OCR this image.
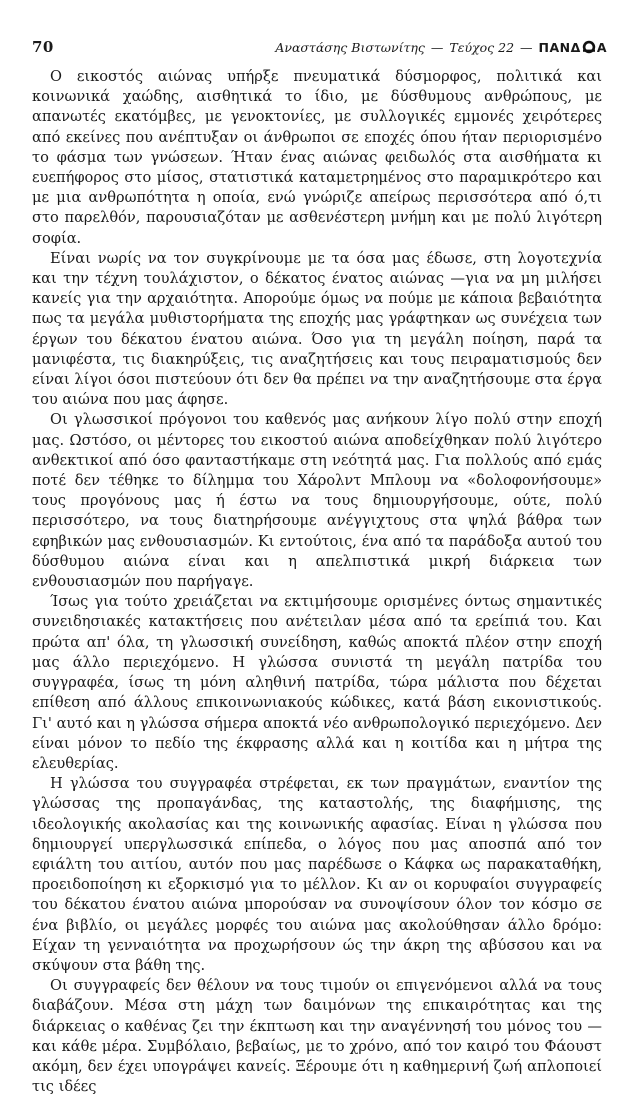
70	Αναστάσης Βιστωνίτης — Τεύχος 22 — ΠΑΝΔ Α

Ο εικοστός αιώνας υπήρξε πνευματικά δύσμορφος, πολιτικά και κοινωνικά χαώδης, αισθητικά το ίδιο, με δύσθυμους ανθρώπους, με απανωτές εκατόμβες, με γενοκτονίες, με συλλογικές εμμονές χειρότερες από εκείνες που ανέπτυξαν οι άνθρωποι σε εποχές όπου ήταν περιορισμένο το φάσμα των γνώσεων. Ήταν ένας αιώνας φειδωλός στα αισθήματα κι ευεπήφορος στο μίσος, στατιστικά καταμετρημένος στο παραμικρότερο και με μια ανθρωπότητα η οποία, ενώ γνώριζε απείρως περισσότερα από ό,τι στο παρελθόν, παρουσιαζόταν με ασθενέστερη μνήμη και με πολύ λιγότερη σοφία.

Είναι νωρίς να τον συγκρίνουμε με τα όσα μας έδωσε, στη λογοτεχνία και την τέχνη τουλάχιστον, ο δέκατος ένατος αιώνας —για να μη μιλήσει κανείς για την αρχαιότητα. Απορούμε όμως να πούμε με κάποια βεβαιότητα πως τα μεγάλα μυθιστορήματα της εποχής μας γράφτηκαν ως συνέχεια των έργων του δέκατου ένατου αιώνα. Όσο για τη μεγάλη ποίηση, παρά τα μανιφέστα, τις διακηρύξεις, τις αναζητήσεις και τους πειραματισμούς δεν είναι λίγοι όσοι πιστεύουν ότι δεν θα πρέπει να την αναζητήσουμε στα έργα του αιώνα που μας άφησε.

Οι γλωσσικοί πρόγονοι του καθενός μας ανήκουν λίγο πολύ στην εποχή μας. Ωστόσο, οι μέντορες του εικοστού αιώνα αποδείχθηκαν πολύ λιγότερο ανθεκτικοί από όσο φανταστήκαμε στη νεότητά μας. Για πολλούς από εμάς ποτέ δεν τέθηκε το δίλημμα του Χάρολντ Μπλουμ να «δολοφονήσουμε» τους προγόνους μας ή έστω να τους δημιουργήσουμε, ούτε, πολύ περισσότερο, να τους διατηρήσουμε ανέγγιχτους στα ψηλά βάθρα των εφηβικών μας ενθουσιασμών. Κι εντούτοις, ένα από τα παράδοξα αυτού του δύσθυμου αιώνα είναι και η απελπιστικά μικρή διάρκεια των ενθουσιασμών που παρήγαγε.

Ίσως για τούτο χρειάζεται να εκτιμήσουμε ορισμένες όντως σημαντικές συνειδησιακές κατακτήσεις που ανέτειλαν μέσα από τα ερείπιά του. Και πρώτα απ' όλα, τη γλωσσική συνείδηση, καθώς αποκτά πλέον στην εποχή μας άλλο περιεχόμενο. Η γλώσσα συνιστά τη μεγάλη πατρίδα του συγγραφέα, ίσως τη μόνη αληθινή πατρίδα, τώρα μάλιστα που δέχεται επίθεση από άλλους επικοινωνιακούς κώδικες, κατά βάση εικονιστικούς. Γι' αυτό και η γλώσσα σήμερα αποκτά νέο ανθρωπολογικό περιεχόμενο. Δεν είναι μόνον το πεδίο της έκφρασης αλλά και η κοιτίδα και η μήτρα της ελευθερίας.

Η γλώσσα του συγγραφέα στρέφεται, εκ των πραγμάτων, εναντίον της γλώσσας της προπαγάνδας, της καταστολής, της διαφήμισης, της ιδεολογικής ακολασίας και της κοινωνικής αφασίας. Είναι η γλώσσα που δημιουργεί υπεργλωσσικά επίπεδα, ο λόγος που μας αποσπά από τον εφιάλτη του αιτίου, αυτόν που μας παρέδωσε ο Κάφκα ως παρακαταθήκη, προειδοποίηση κι εξορκισμό για το μέλλον. Κι αν οι κορυφαίοι συγγραφείς του δέκατου ένατου αιώνα μπορούσαν να συνοψίσουν όλον τον κόσμο σε ένα βιβλίο, οι μεγάλες μορφές του αιώνα μας ακολούθησαν άλλο δρόμο: Είχαν τη γενναιότητα να προχωρήσουν ώς την άκρη της αβύσσου και να σκύψουν στα βάθη της.

Οι συγγραφείς δεν θέλουν να τους τιμούν οι επιγενόμενοι αλλά να τους διαβάζουν. Μέσα στη μάχη των δαιμόνων της επικαιρότητας και της διάρκειας ο καθένας ζει την έκπτωση και την αναγέννησή του μόνος του —και κάθε μέρα. Συμβόλαιο, βεβαίως, με το χρόνο, από τον καιρό του Φάουστ ακόμη, δεν έχει υπογράψει κανείς. Ξέρουμε ότι η καθημερινή ζωή απλοποιεί τις ιδέες
